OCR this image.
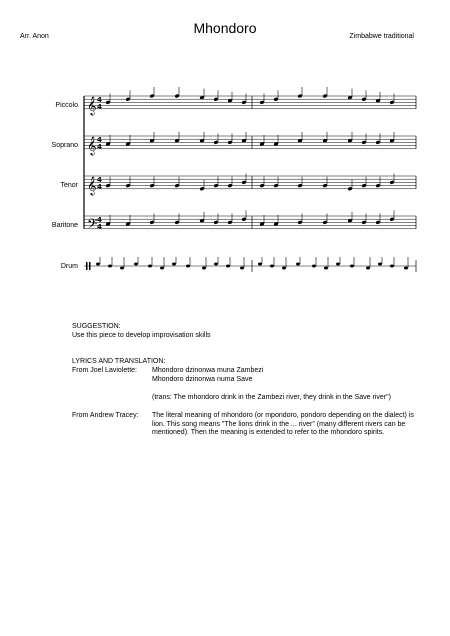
Mhondoro
Arr. Anon	Zimbabwe traditional
Piccolo
Soprano
Tenor
Baritone
Drum
𝄞 4
4
𝄞 4
4
𝄞 4
4
𝄢 4
4
SUGGESTION:
Use this piece to develop improvisation skills
LYRICS AND TRANSLATION:
From Joel Laviolette: Mhondoro dzinonwa muna Zambezi
Mhondoro dzinonwa numa Save
(trans: The mhondoro drink in the Zambezi river, they drink in the Save river")
From Andrew Tracey: The literal meaning of mhondoro (or mpondoro, pondoro depending on the dialect) is lion. This song means "The lions drink in the ... river" (many different rivers can be mentioned). Then the meaning is extended to refer to the mhondoro spirits.
